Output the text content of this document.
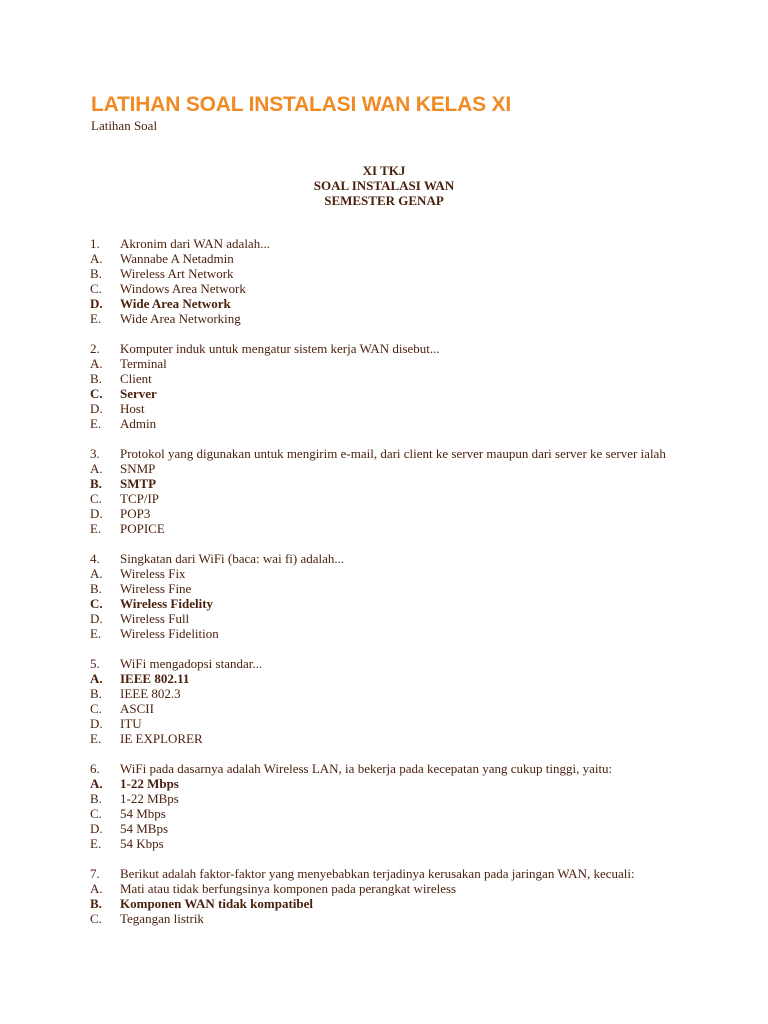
LATIHAN SOAL INSTALASI WAN KELAS XI
Latihan Soal
XI TKJ
SOAL INSTALASI WAN
SEMESTER GENAP
1. Akronim dari WAN adalah...
A. Wannabe A Netadmin
B. Wireless Art Network
C. Windows Area Network
D. Wide Area Network
E. Wide Area Networking
2. Komputer induk untuk mengatur sistem kerja WAN disebut...
A. Terminal
B. Client
C. Server
D. Host
E. Admin
3. Protokol yang digunakan untuk mengirim e-mail, dari client ke server maupun dari server ke server ialah
A. SNMP
B. SMTP
C. TCP/IP
D. POP3
E. POPICE
4. Singkatan dari WiFi (baca: wai fi) adalah...
A. Wireless Fix
B. Wireless Fine
C. Wireless Fidelity
D. Wireless Full
E. Wireless Fidelition
5. WiFi mengadopsi standar...
A. IEEE 802.11
B. IEEE 802.3
C. ASCII
D. ITU
E. IE EXPLORER
6. WiFi pada dasarnya adalah Wireless LAN, ia bekerja pada kecepatan yang cukup tinggi, yaitu:
A. 1-22 Mbps
B. 1-22 MBps
C. 54 Mbps
D. 54 MBps
E. 54 Kbps
7. Berikut adalah faktor-faktor yang menyebabkan terjadinya kerusakan pada jaringan WAN, kecuali:
A. Mati atau tidak berfungsinya komponen pada perangkat wireless
B. Komponen WAN tidak kompatibel
C. Tegangan listrik
